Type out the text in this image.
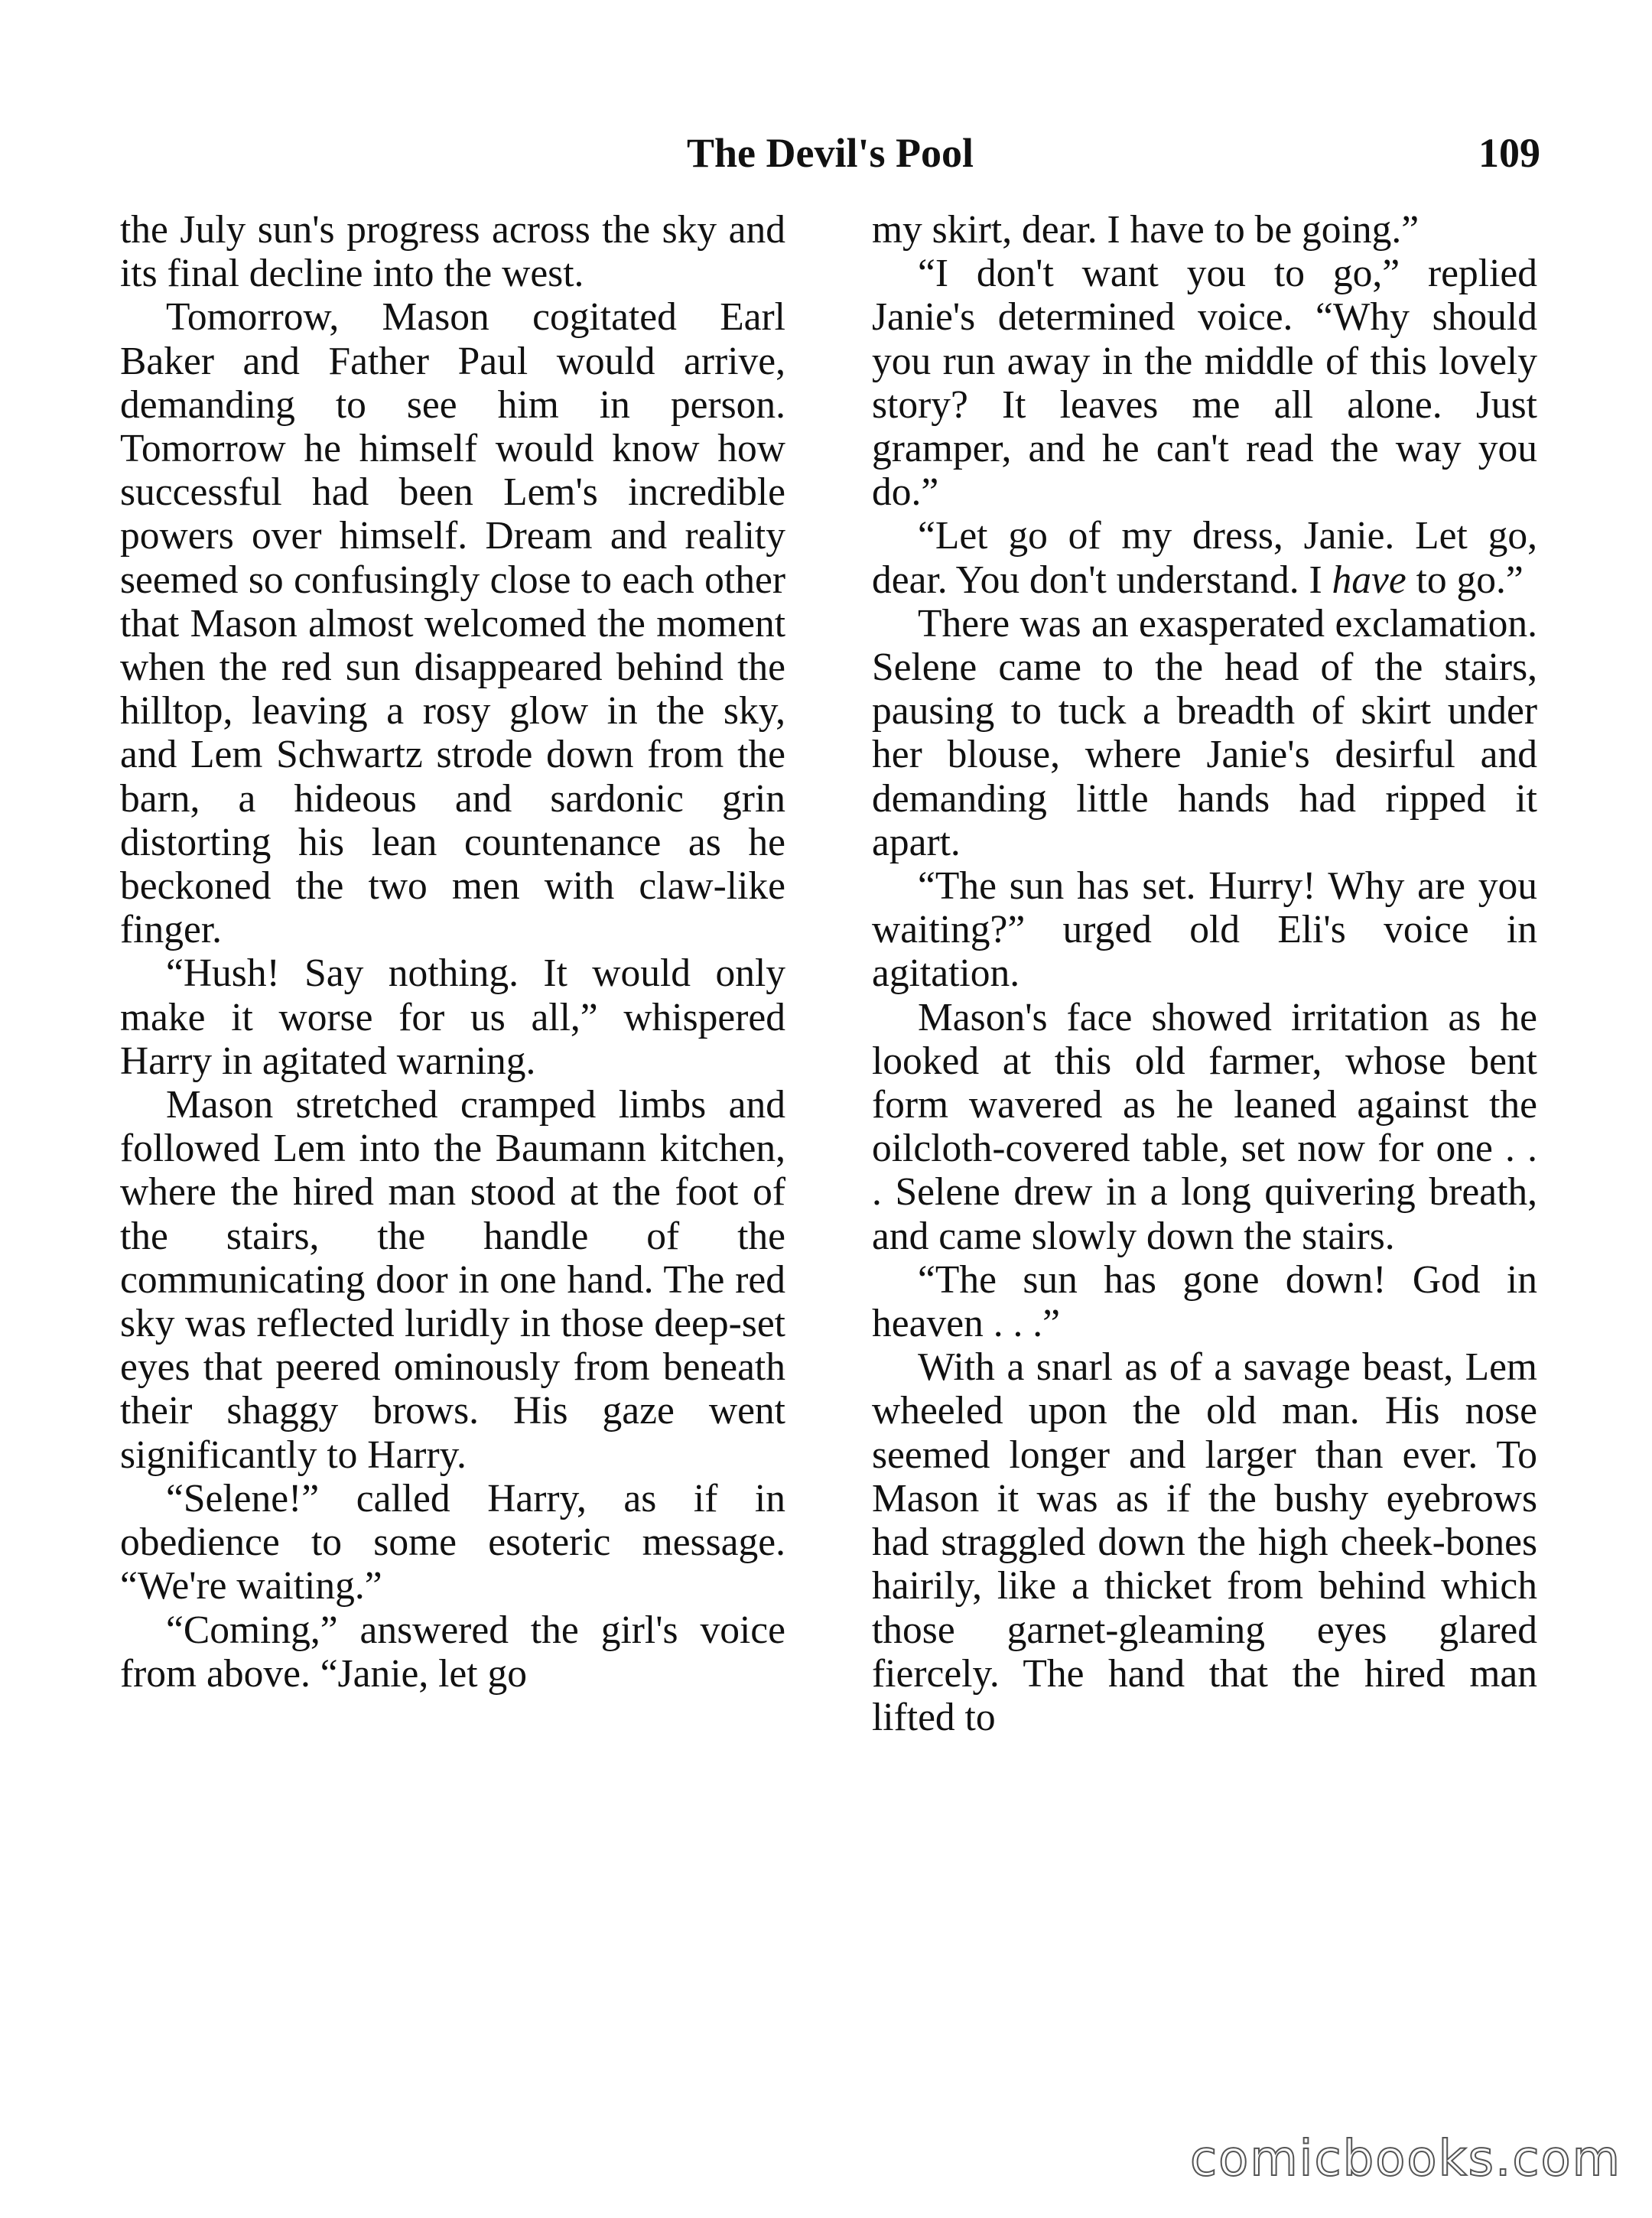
The Devil's Pool	109

the July sun's progress across the sky and its final decline into the west.

Tomorrow, Mason cogitated Earl Baker and Father Paul would arrive, demanding to see him in person. Tomorrow he himself would know how successful had been Lem's incredible powers over himself. Dream and reality seemed so confusingly close to each other that Mason almost welcomed the moment when the red sun disappeared behind the hilltop, leaving a rosy glow in the sky, and Lem Schwartz strode down from the barn, a hideous and sardonic grin distorting his lean countenance as he beckoned the two men with claw-like finger.

“Hush! Say nothing. It would only make it worse for us all,” whispered Harry in agitated warning.

Mason stretched cramped limbs and followed Lem into the Baumann kitchen, where the hired man stood at the foot of the stairs, the handle of the communicating door in one hand. The red sky was reflected luridly in those deep-set eyes that peered ominously from beneath their shaggy brows. His gaze went significantly to Harry.

“Selene!” called Harry, as if in obedience to some esoteric message. “We're waiting.”

“Coming,” answered the girl's voice from above. “Janie, let go

my skirt, dear. I have to be going.”

“I don't want you to go,” replied Janie's determined voice. “Why should you run away in the middle of this lovely story? It leaves me all alone. Just gramper, and he can't read the way you do.”

“Let go of my dress, Janie. Let go, dear. You don't understand. I have to go.”

There was an exasperated exclamation. Selene came to the head of the stairs, pausing to tuck a breadth of skirt under her blouse, where Janie's desirful and demanding little hands had ripped it apart.

“The sun has set. Hurry! Why are you waiting?” urged old Eli's voice in agitation.

Mason's face showed irritation as he looked at this old farmer, whose bent form wavered as he leaned against the oilcloth-covered table, set now for one . . . Selene drew in a long quivering breath, and came slowly down the stairs.

“The sun has gone down! God in heaven . . .”

With a snarl as of a savage beast, Lem wheeled upon the old man. His nose seemed longer and larger than ever. To Mason it was as if the bushy eyebrows had straggled down the high cheek-bones hairily, like a thicket from behind which those garnet-gleaming eyes glared fiercely. The hand that the hired man lifted to

comicbooks.com
